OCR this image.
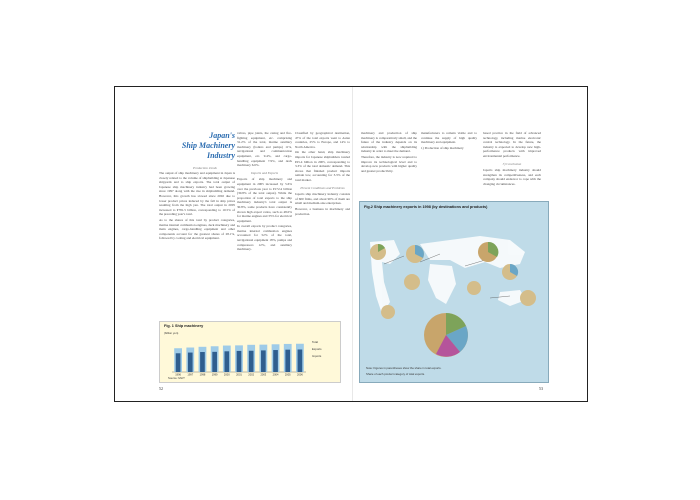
Japan's
Ship Machinery
Industry
Production trends

The output of ship machinery and equipment in Japan is closely related to the volume of shipbuilding at Japanese shipyards and to ship exports. The total output of Japanese ship machinery industry had been growing since 1997 along with the rise in shipbuilding demand. However, this growth has slowed since 2002 due to lower product prices induced by the fall in ship prices resulting from the high yen. The total output in 2005 increased to ¥781.5 billion, corresponding to 10.5% of the preceding year's total.

As to the shares of this total by product categories, marine internal combustion engines, deck machinery and main engines, cargo-handling equipment and other components account for the greatest shares of 28.1%, followed by cooling and electrical equipment.

valves, pipe joints, the casing and fire-fighting equipment, etc. comprising 31.2% of the total, marine auxiliary machinery (boilers and pumps) 11%, navigational and communication equipment, etc. 9.4%, and cargo-handling equipment 7.9%, and deck machinery 6.6%.

Imports and Exports

Exports of ship machinery and equipment in 2005 increased by 5.6% over the previous year to ¥172.4 billion (30.8% of the total output). While the proportion of total exports to the ship machinery industry's total output is 30.8%, some products have consistently shown high export ratios, such as 48.0% for marine engines and 35% for electrical equipment.

In overall exports by product categories, marine internal combustion engines accounted for 52% of the total, navigational equipment 18%, pumps and compressors 12%, and auxiliary machinery.

Classified by geographical destination, 47% of the total exports went to Asian countries, 25% to Europe, and 14% to North America.

On the other hand, ship machinery imports for Japanese shipbuilders totaled ¥25.4 billion in 2005, corresponding to 3.3% of the total domestic demand. This shows that finished product imports remain low, accounting for 3.3% of the total market.

Present Conditions and Problems

Japan's ship machinery industry consists of 600 firms, and about 90% of them are small and medium-size enterprises.

However, a business in machinery and production.

Fig. 1 Ship machinery
(billion yen)
1996 1997 1998 1999 2000 2001 2002 2003 2004 2005 2006
Total
Exports
Imports
Source: MLIT
52

machinery and production of ship machinery is comparatively small, and the future of the industry depends on its relationship with the shipbuilding industry in order to meet the demand.

Therefore, the industry is now required to improve its technological level and to develop new products with higher quality and greater productivity.

manufacturers to remain viable and to continue the supply of high quality machinery and equipment.

1) Production of ship machinery

based practice in the field of advanced technology, including marine electronic control technology. In the future, the industry is expected to develop new high-performance products with improved environmental performance.

3) Conclusion

Japan's ship machinery industry should strengthen its competitiveness, and each company should endeavor to cope with the changing circumstances.

Fig.2 Ship machinery exports in 1998 (by destinations and products)
Note: Figures in parentheses show the share in total exports.
Share of each product category of total exports.
53
